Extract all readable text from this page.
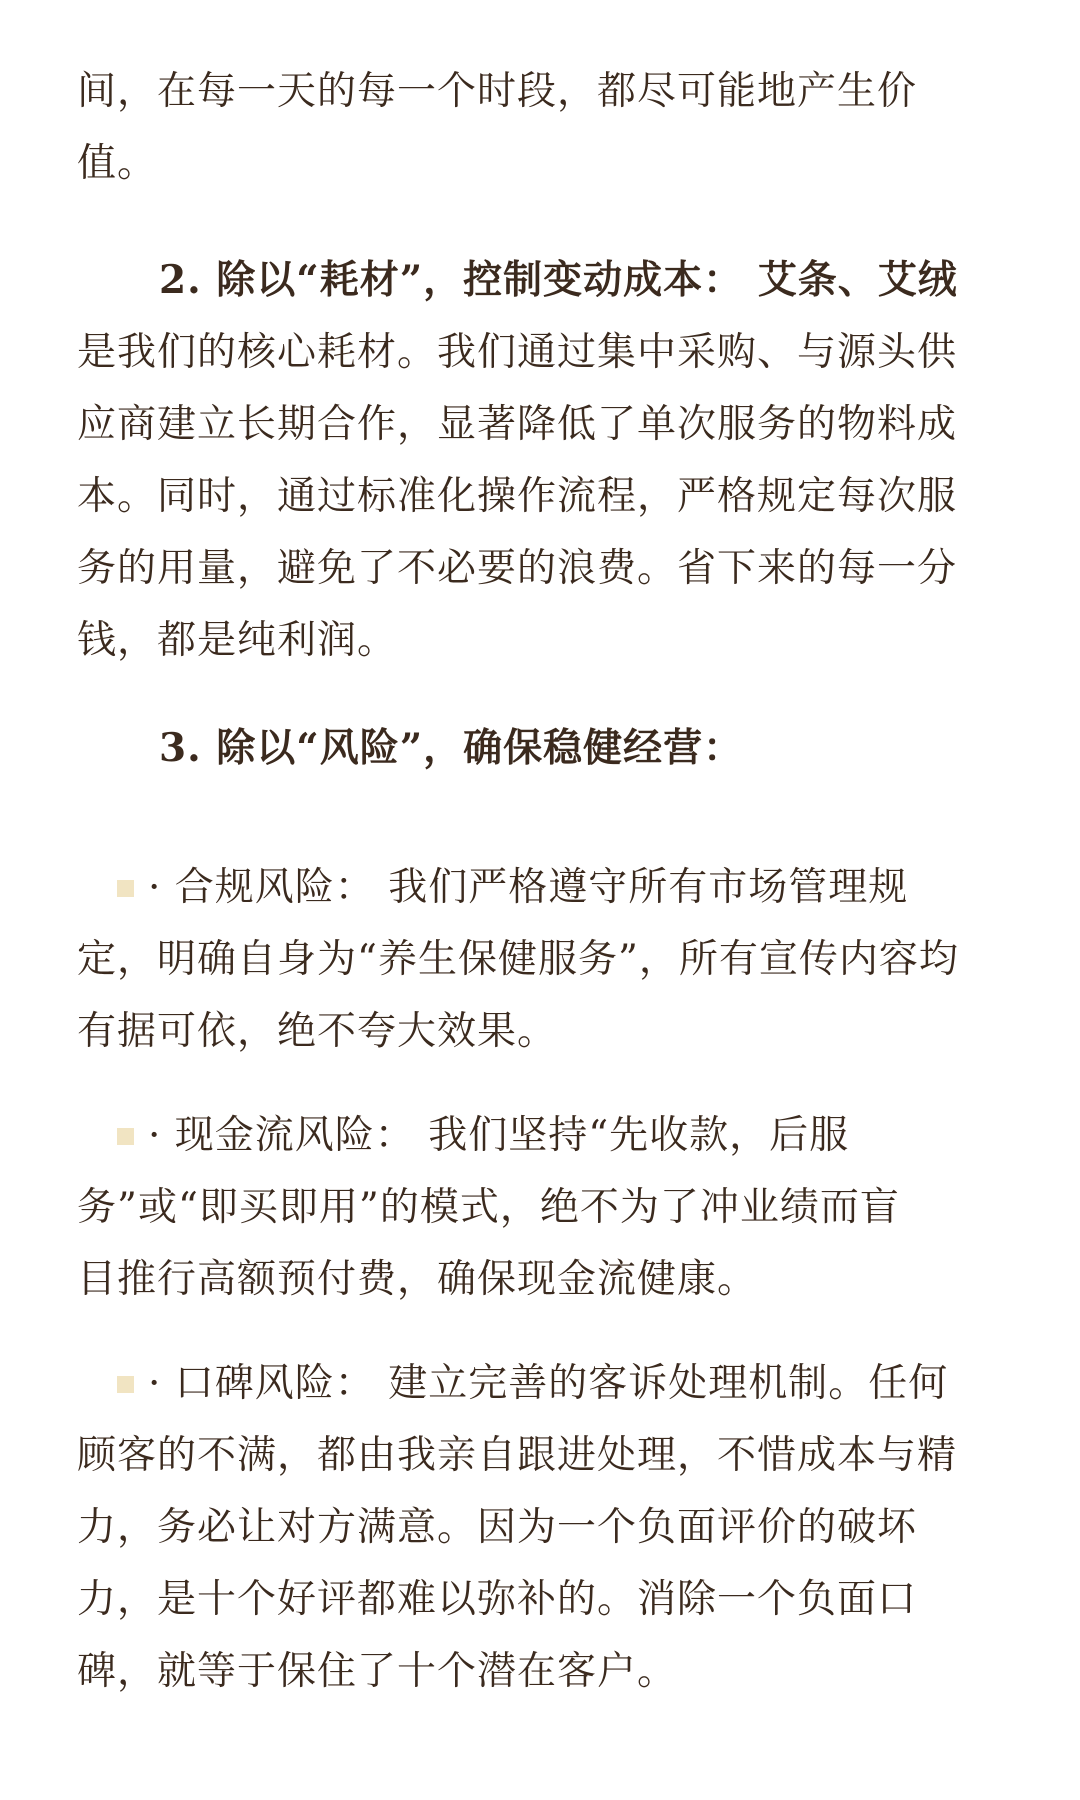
间，在每一天的每一个时段，都尽可能地产生价
值。
2. 除以“耗材”，控制变动成本： 艾条、艾绒
是我们的核心耗材。我们通过集中采购、与源头供
应商建立长期合作，显著降低了单次服务的物料成
本。同时，通过标准化操作流程，严格规定每次服
务的用量，避免了不必要的浪费。省下来的每一分
钱，都是纯利润。
3. 除以“风险”，确保稳健经营：
· 合规风险： 我们严格遵守所有市场管理规
定，明确自身为“养生保健服务”，所有宣传内容均
有据可依，绝不夸大效果。
· 现金流风险： 我们坚持“先收款，后服
务”或“即买即用”的模式，绝不为了冲业绩而盲
目推行高额预付费，确保现金流健康。
· 口碑风险： 建立完善的客诉处理机制。任何
顾客的不满，都由我亲自跟进处理，不惜成本与精
力，务必让对方满意。因为一个负面评价的破坏
力，是十个好评都难以弥补的。消除一个负面口
碑，就等于保住了十个潜在客户。
